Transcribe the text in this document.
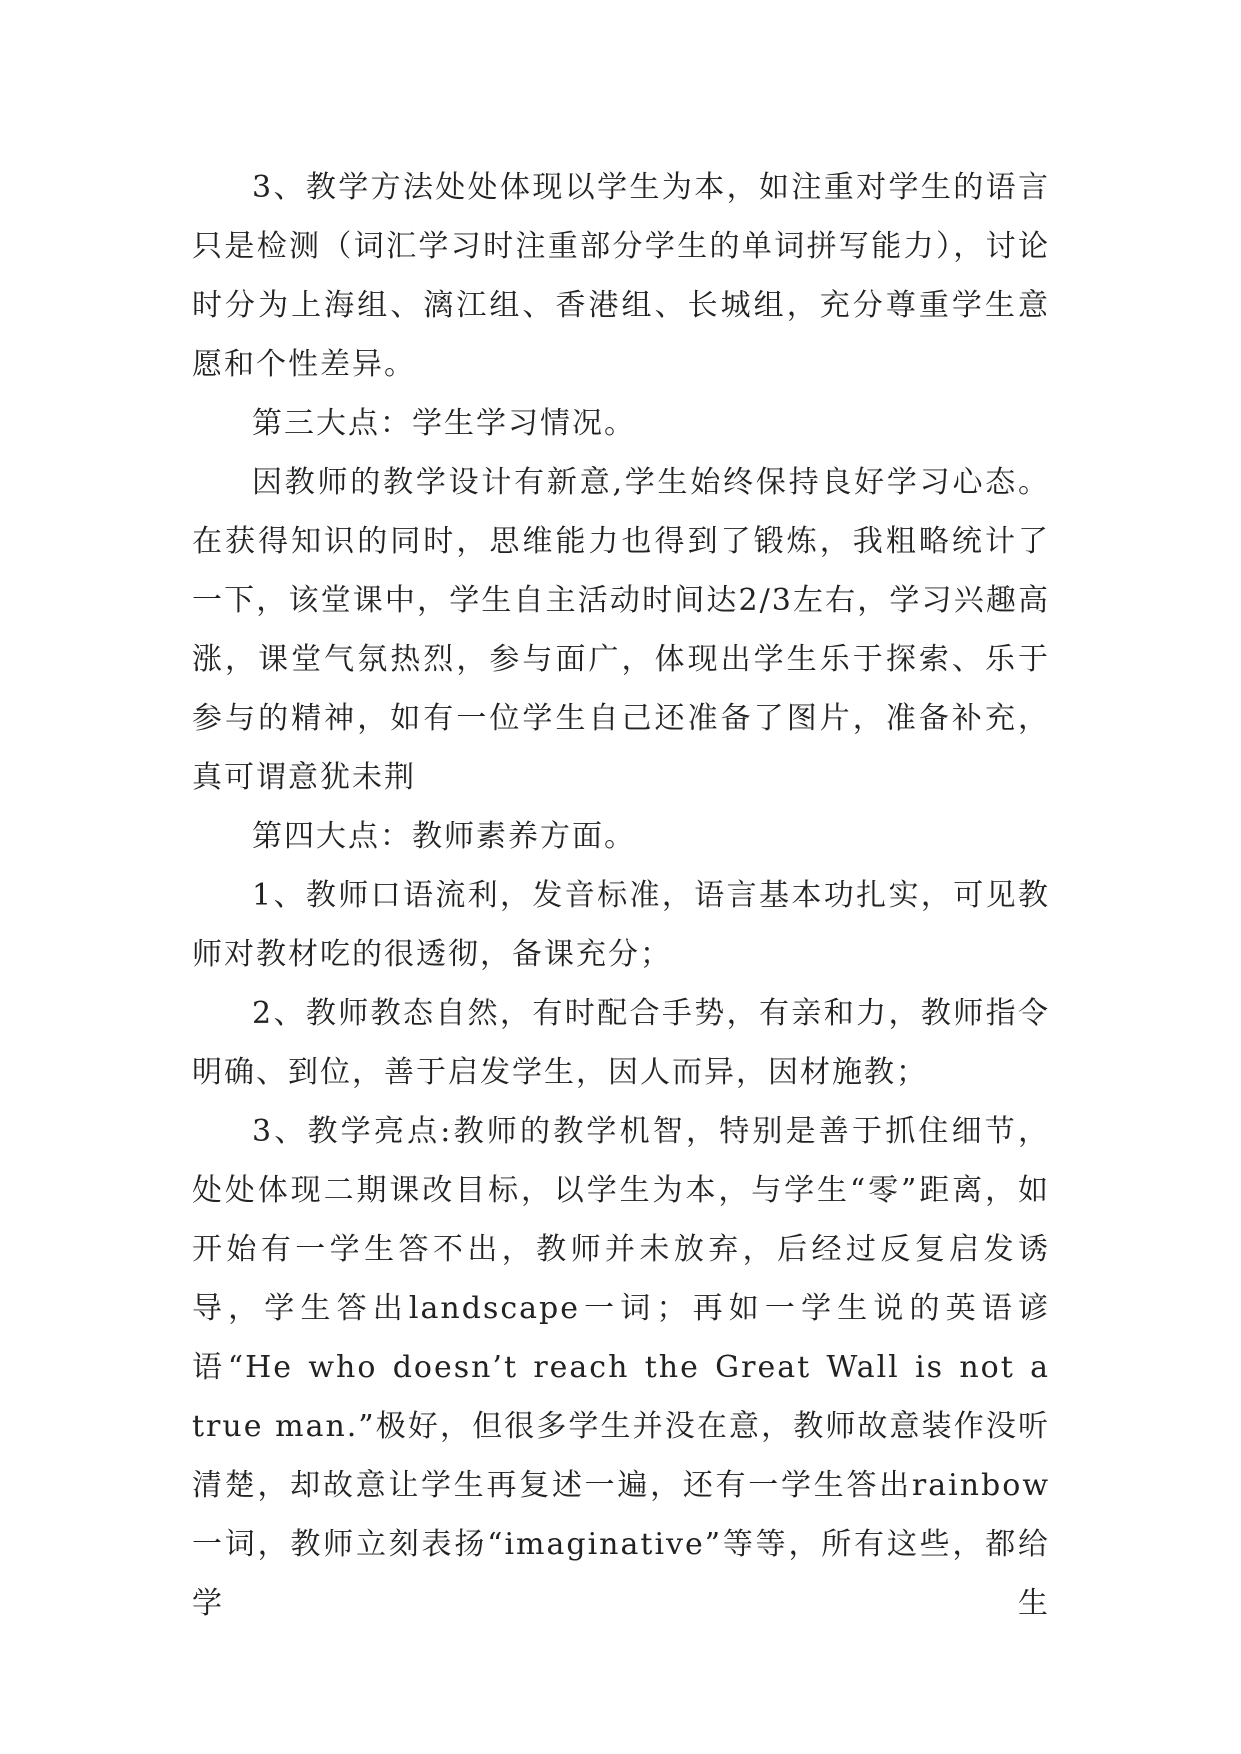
3、教学方法处处体现以学生为本，如注重对学生的语言只是检测（词汇学习时注重部分学生的单词拼写能力），讨论时分为上海组、漓江组、香港组、长城组，充分尊重学生意愿和个性差异。

第三大点：学生学习情况。

因教师的教学设计有新意,学生始终保持良好学习心态。在获得知识的同时，思维能力也得到了锻炼，我粗略统计了一下，该堂课中，学生自主活动时间达2/3左右，学习兴趣高涨，课堂气氛热烈，参与面广，体现出学生乐于探索、乐于参与的精神，如有一位学生自己还准备了图片，准备补充，真可谓意犹未荆

第四大点：教师素养方面。

1、教师口语流利，发音标准，语言基本功扎实，可见教师对教材吃的很透彻，备课充分；

2、教师教态自然，有时配合手势，有亲和力，教师指令明确、到位，善于启发学生，因人而异，因材施教；

3、教学亮点:教师的教学机智，特别是善于抓住细节，处处体现二期课改目标，以学生为本，与学生“零”距离，如开始有一学生答不出，教师并未放弃，后经过反复启发诱导，学生答出landscape一词；再如一学生说的英语谚语“He who doesn’t reach the Great Wall is not a true man.”极好，但很多学生并没在意，教师故意装作没听清楚，却故意让学生再复述一遍，还有一学生答出rainbow一词，教师立刻表扬“imaginative”等等，所有这些，都给学生
